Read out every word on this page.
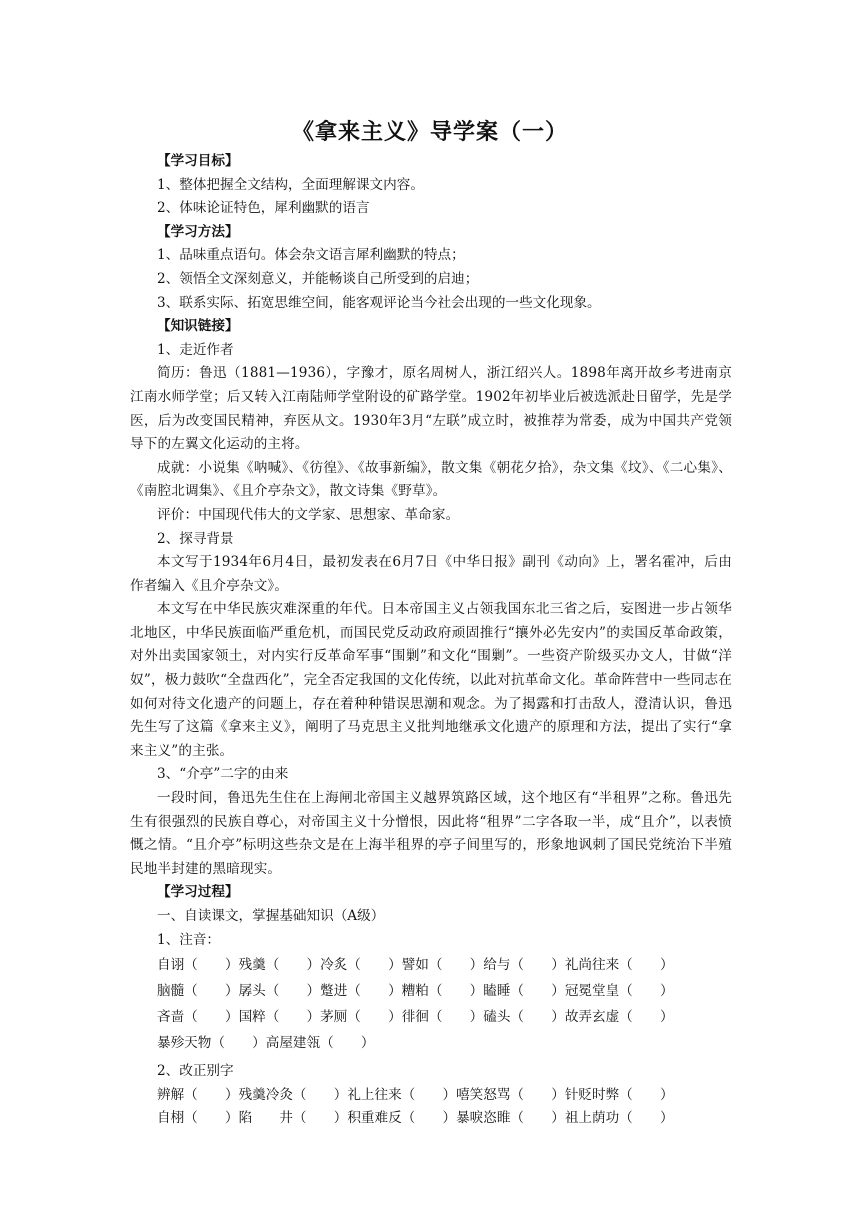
《拿来主义》导学案（一）

【学习目标】

1、整体把握全文结构，全面理解课文内容。

2、体味论证特色，犀利幽默的语言

【学习方法】

1、品味重点语句。体会杂文语言犀利幽默的特点；

2、领悟全文深刻意义，并能畅谈自己所受到的启迪；

3、联系实际、拓宽思维空间，能客观评论当今社会出现的一些文化现象。

【知识链接】

1、走近作者

简历：鲁迅（1881—1936），字豫才，原名周树人，浙江绍兴人。1898年离开故乡考进南京江南水师学堂；后又转入江南陆师学堂附设的矿路学堂。1902年初毕业后被选派赴日留学，先是学医，后为改变国民精神，弃医从文。1930年3月“左联”成立时，被推荐为常委，成为中国共产党领导下的左翼文化运动的主将。

成就：小说集《呐喊》、《彷徨》、《故事新编》，散文集《朝花夕拾》，杂文集《坟》、《二心集》、《南腔北调集》、《且介亭杂文》，散文诗集《野草》。

评价：中国现代伟大的文学家、思想家、革命家。

2、探寻背景

本文写于1934年6月4日，最初发表在6月7日《中华日报》副刊《动向》上，署名霍冲，后由作者编入《且介亭杂文》。

本文写在中华民族灾难深重的年代。日本帝国主义占领我国东北三省之后，妄图进一步占领华北地区，中华民族面临严重危机，而国民党反动政府顽固推行“攘外必先安内”的卖国反革命政策，对外出卖国家领土，对内实行反革命军事“围剿”和文化“围剿”。一些资产阶级买办文人，甘做“洋奴”，极力鼓吹“全盘西化”，完全否定我国的文化传统，以此对抗革命文化。革命阵营中一些同志在如何对待文化遗产的问题上，存在着种种错误思潮和观念。为了揭露和打击敌人，澄清认识，鲁迅先生写了这篇《拿来主义》，阐明了马克思主义批判地继承文化遗产的原理和方法，提出了实行“拿来主义”的主张。

3、“介亭”二字的由来

一段时间，鲁迅先生住在上海闸北帝国主义越界筑路区域，这个地区有“半租界”之称。鲁迅先生有很强烈的民族自尊心，对帝国主义十分憎恨，因此将“租界”二字各取一半，成“且介”，以表愤慨之情。“且介亭”标明这些杂文是在上海半租界的亭子间里写的，形象地讽刺了国民党统治下半殖民地半封建的黑暗现实。

【学习过程】

一、自读课文，掌握基础知识（A级）

1、注音：

自诩（　　） 残羹（　　） 冷炙（　　） 譬如（　　） 给与（　　） 礼尚往来（　　）
脑髓（　　） 孱头（　　） 蹩进（　　） 糟粕（　　） 瞌睡（　　） 冠冕堂皇（　　）
吝啬（　　） 国粹（　　） 茅厕（　　） 徘徊（　　） 磕头（　　） 故弄玄虚（　　）
暴殄天物（　　） 高屋建瓴（　　）

2、改正别字

辨解（　　） 残羹冷灸（　　） 礼上往来（　　） 嘻笑怒骂（　　） 针贬时弊（　　）
自栩（　　） 陷　　井（　　） 积重难反（　　） 暴唳恣睢（　　） 祖上荫功（　　）
